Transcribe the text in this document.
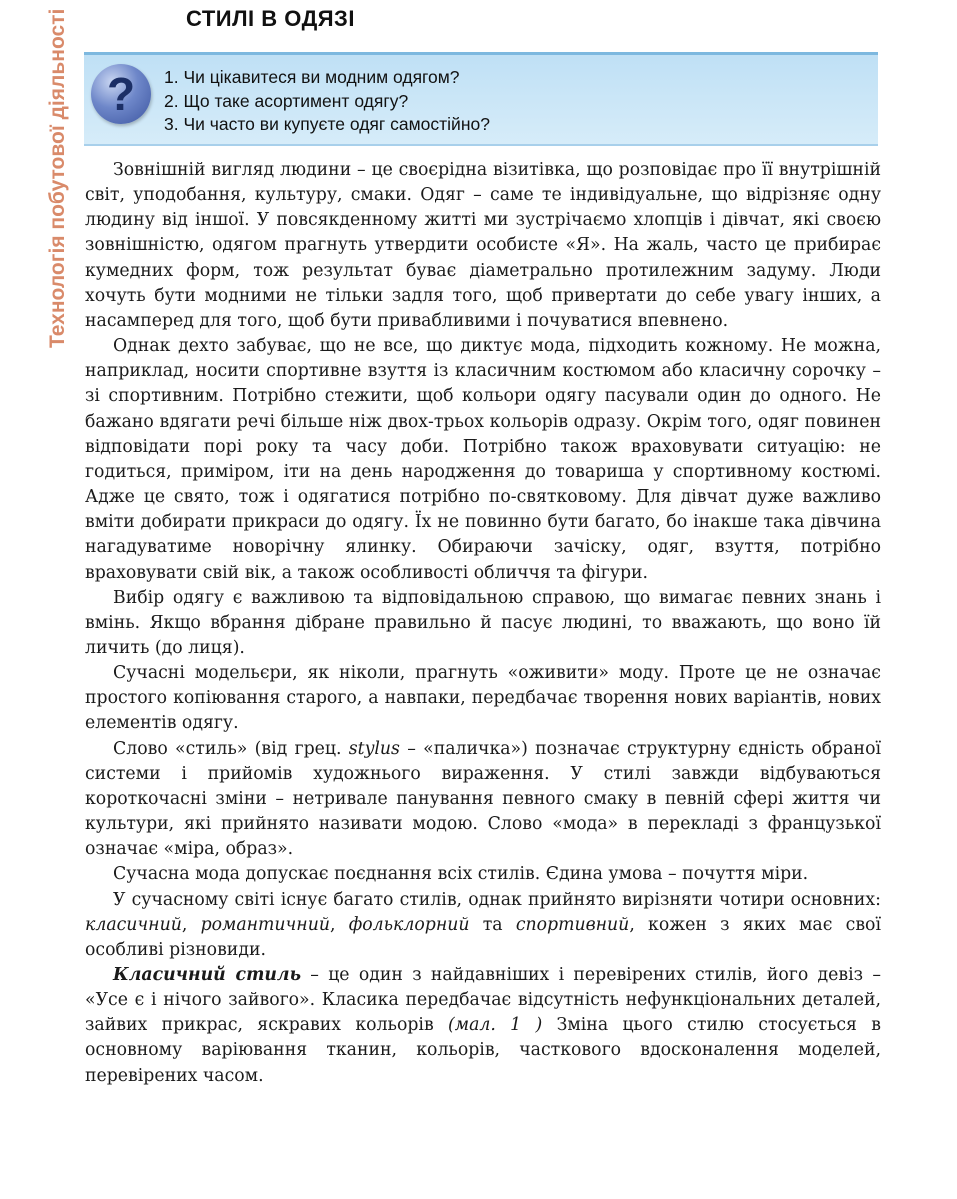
Технологія побутової діяльності	СТИЛІ В ОДЯЗІ
?	1. Чи цікавитеся ви модним одягом?
2. Що таке асортимент одягу?
3. Чи часто ви купуєте одяг самостійно?

Зовнішній вигляд людини – це своєрідна візитівка, що розповідає про її внутрішній світ, уподобання, культуру, смаки. Одяг – саме те індивідуальне, що відрізняє одну людину від іншої. У повсякденному житті ми зустрічаємо хлопців і дівчат, які своєю зовнішністю, одягом прагнуть утвердити особисте «Я». На жаль, часто це прибирає кумедних форм, тож результат буває діаметрально протилежним задуму. Люди хочуть бути модними не тільки задля того, щоб привертати до себе увагу інших, а насамперед для того, щоб бути привабливими і почуватися впевнено.

Однак дехто забуває, що не все, що диктує мода, підходить кожному. Не можна, наприклад, носити спортивне взуття із класичним костюмом або класичну сорочку – зі спортивним. Потрібно стежити, щоб кольори одягу пасували один до одного. Не бажано вдягати речі більше ніж двох-трьох кольорів одразу. Окрім того, одяг повинен відповідати порі року та часу доби. Потрібно також враховувати ситуацію: не годиться, приміром, іти на день народження до товариша у спортивному костюмі. Адже це свято, тож і одягатися потрібно по-святковому. Для дівчат дуже важливо вміти добирати прикраси до одягу. Їх не повинно бути багато, бо інакше така дівчина нагадуватиме новорічну ялинку. Обираючи зачіску, одяг, взуття, потрібно враховувати свій вік, а також особливості обличчя та фігури.

Вибір одягу є важливою та відповідальною справою, що вимагає певних знань і вмінь. Якщо вбрання дібране правильно й пасує людині, то вважають, що воно їй личить (до лиця).

Сучасні модельєри, як ніколи, прагнуть «оживити» моду. Проте це не означає простого копіювання старого, а навпаки, передбачає творення нових варіантів, нових елементів одягу.

Слово «стиль» (від грец. stylus – «паличка») позначає структурну єдність обраної системи і прийомів художнього вираження. У стилі завжди відбуваються короткочасні зміни – нетривале панування певного смаку в певній сфері життя чи культури, які прийнято називати модою. Слово «мода» в перекладі з французької означає «міра, образ».

Сучасна мода допускає поєднання всіх стилів. Єдина умова – почуття міри.

У сучасному світі існує багато стилів, однак прийнято вирізняти чотири основних: класичний, романтичний, фольклорний та спортивний, кожен з яких має свої особливі різновиди.

Класичний стиль – це один з найдавніших і перевірених стилів, його девіз – «Усе є і нічого зайвого». Класика передбачає відсутність нефункціональних деталей, зайвих прикрас, яскравих кольорів (мал. 1 ) Зміна цього стилю стосується в основному варіювання тканин, кольорів, часткового вдосконалення моделей, перевірених часом.
